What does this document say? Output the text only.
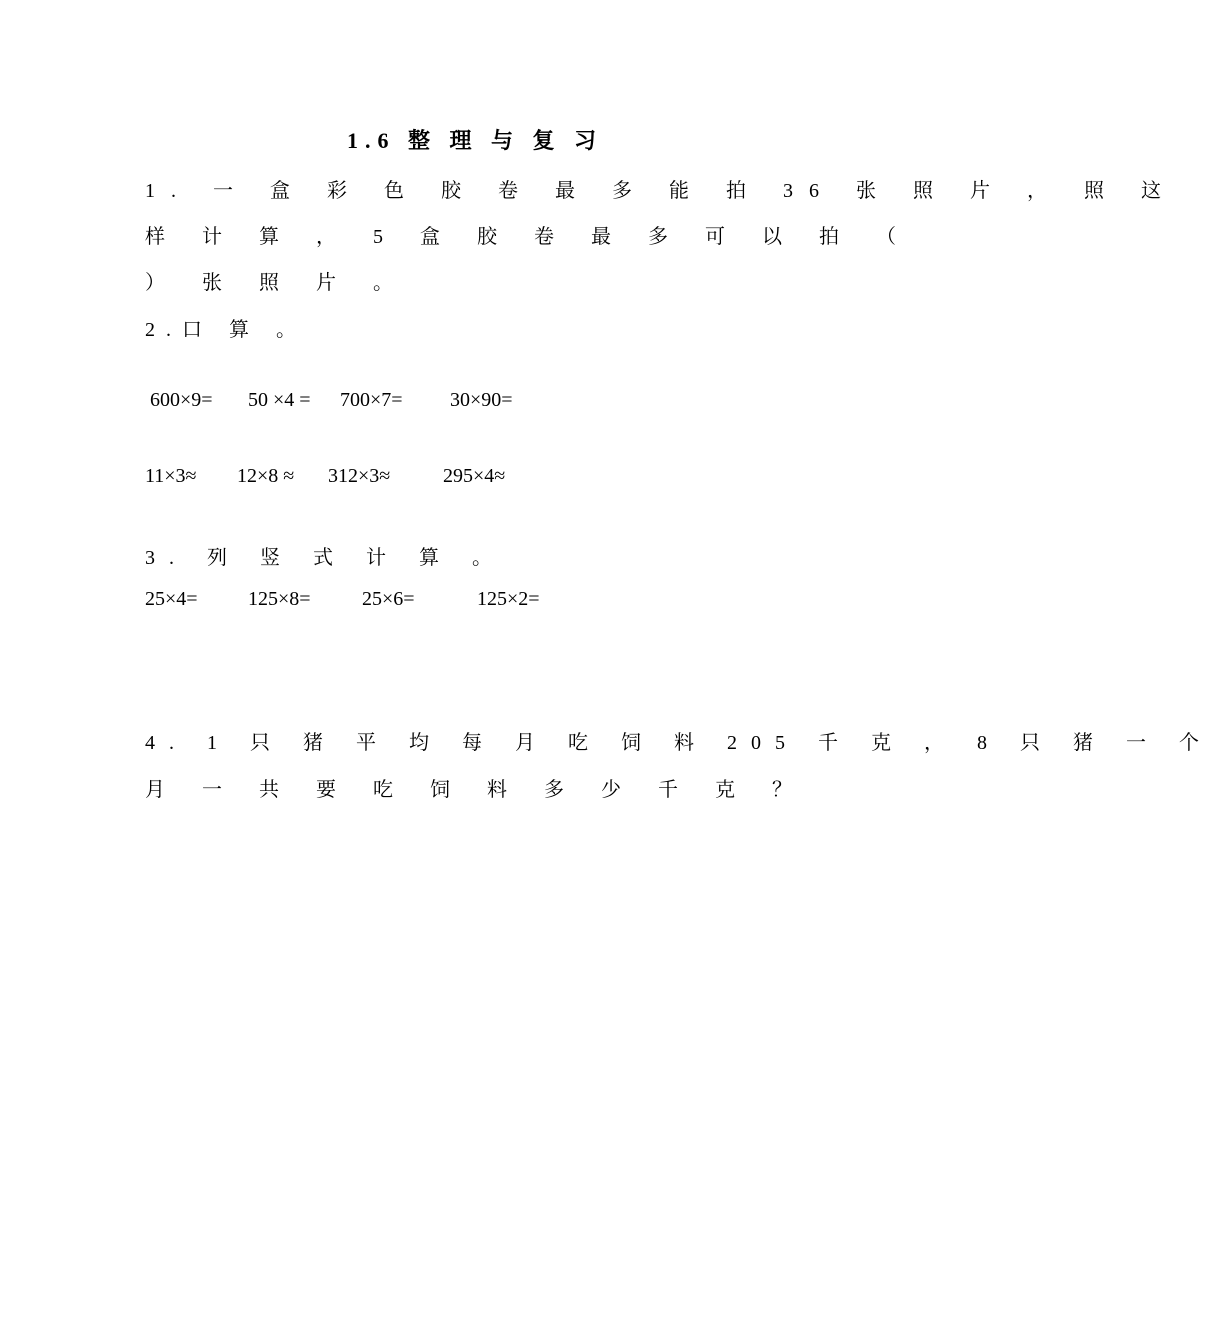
1.6 整 理 与 复 习
1. 一 盒 彩 色 胶 卷 最 多 能 拍 36 张 照 片 ， 照 这
样 计 算 ， 5 盒 胶 卷 最 多 可 以 拍 （
） 张 照 片 。
2.口 算 。
600×9= 50 ×4 = 700×7= 30×90=
11×3≈ 12×8 ≈ 312×3≈	295×4≈
3. 列 竖 式 计 算 。
25×4=	125×8=	25×6=	125×2=
4. 1 只 猪 平 均 每 月 吃 饲 料 205 千 克 ， 8 只 猪 一 个
月 一 共 要 吃 饲 料 多 少 千 克 ？
